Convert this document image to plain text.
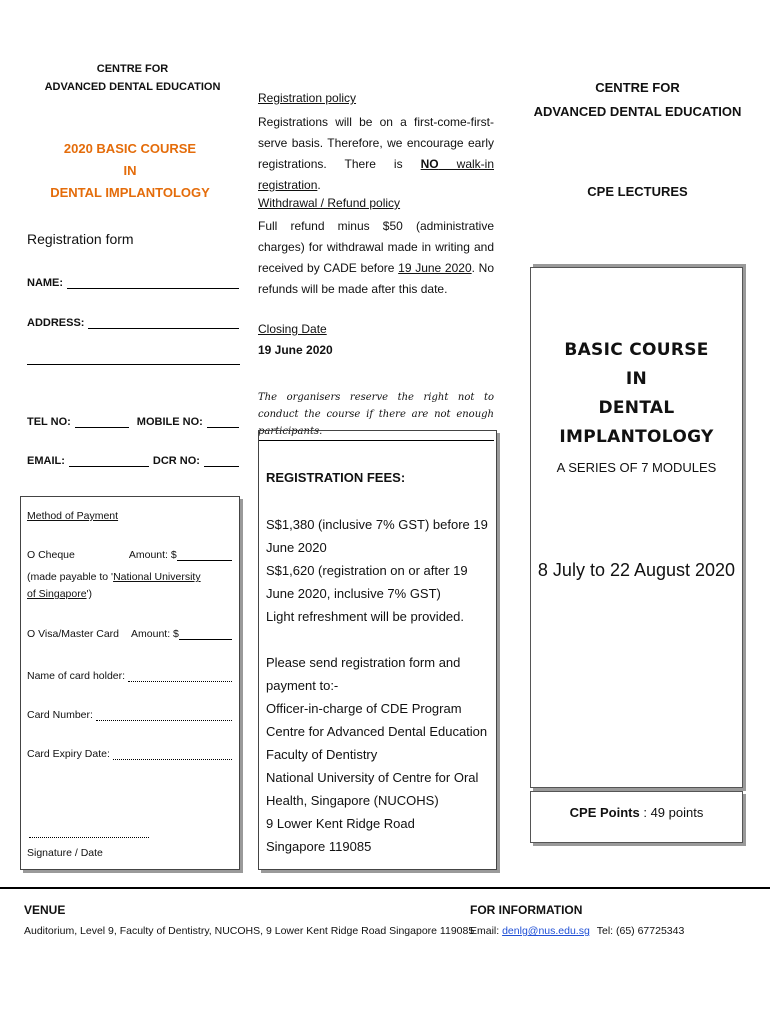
CENTRE FOR
ADVANCED DENTAL EDUCATION
2020 BASIC COURSE
IN
DENTAL IMPLANTOLOGY
Registration form
NAME:
ADDRESS:
TEL NO:	MOBILE NO:
EMAIL:	DCR NO:
Method of Payment
O Cheque	Amount: $
(made payable to 'National University of Singapore')
O Visa/Master Card Amount: $
Name of card holder:
Card Number:
Card Expiry Date:
Signature / Date
Registration policy
Registrations will be on a first-come-first-serve basis. Therefore, we encourage early registrations. There is NO walk-in registration.
Withdrawal / Refund policy
Full refund minus $50 (administrative charges) for withdrawal made in writing and received by CADE before 19 June 2020. No refunds will be made after this date.
Closing Date
19 June 2020
The organisers reserve the right not to conduct the course if there are not enough participants.
REGISTRATION FEES:
S$1,380 (inclusive 7% GST) before 19 June 2020
S$1,620 (registration on or after 19 June 2020, inclusive 7% GST)
Light refreshment will be provided.
Please send registration form and payment to:-
Officer-in-charge of CDE Program
Centre for Advanced Dental Education
Faculty of Dentistry
National University of Centre for Oral Health, Singapore (NUCOHS)
9 Lower Kent Ridge Road
Singapore 119085
CENTRE FOR
ADVANCED DENTAL EDUCATION
CPE LECTURES
BASIC COURSE
IN
DENTAL IMPLANTOLOGY
A SERIES OF 7 MODULES
8 July to 22 August 2020
CPE Points : 49 points
VENUE
Auditorium, Level 9, Faculty of Dentistry, NUCOHS, 9 Lower Kent Ridge Road Singapore 119085
FOR INFORMATION
Email: denlg@nus.edu.sg Tel: (65) 67725343
